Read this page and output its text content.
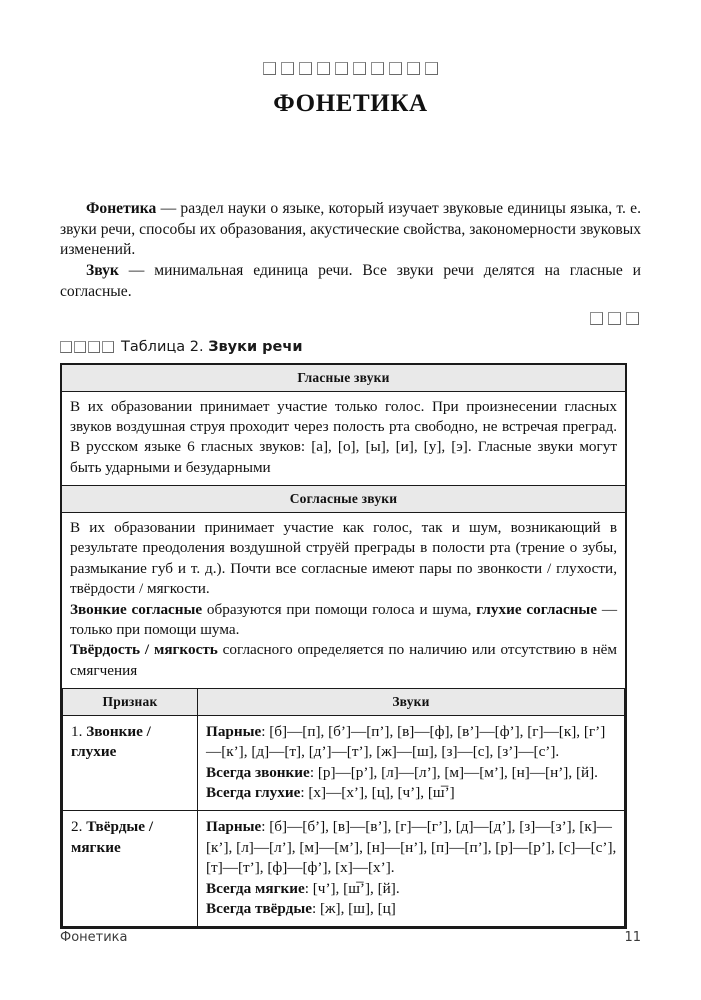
ФОНЕТИКА

Фонетика — раздел науки о языке, который изучает звуковые единицы языка, т. е. звуки речи, способы их образования, акустические свойства, закономерности звуковых изменений.

Звук — минимальная единица речи. Все звуки речи делятся на гласные и согласные.

Таблица 2. Звуки речи
Гласные звуки

В их образовании принимает участие только голос. При произнесении гласных звуков воздушная струя проходит через полость рта свободно, не встречая преград. В русском языке 6 гласных звуков: [а], [о], [ы], [и], [у], [э]. Гласные звуки могут быть ударными и безударными

Согласные звуки

В их образовании принимает участие как голос, так и шум, возникающий в результате преодоления воздушной струёй преграды в полости рта (трение о зубы, размыкание губ и т. д.). Почти все согласные имеют пары по звонкости / глухости, твёрдости / мягкости.

Звонкие согласные образуются при помощи голоса и шума, глухие согласные — только при помощи шума.

Твёрдость / мягкость согласного определяется по наличию или отсутствию в нём смягчения

Признак	Звуки
1. Звонкие / глухие	Парные: [б]—[п], [б’]—[п’], [в]—[ф], [в’]—[ф’], [г]—[к], [г’]—[к’], [д]—[т], [д’]—[т’], [ж]—[ш], [з]—[с], [з’]—[с’].

Всегда звонкие: [р]—[р’], [л]—[л’], [м]—[м’], [н]—[н’], [й].

Всегда глухие: [х]—[х’], [ц], [ч’], [ш̅’]

2. Твёрдые / мягкие	Парные: [б]—[б’], [в]—[в’], [г]—[г’], [д]—[д’], [з]—[з’], [к]—[к’], [л]—[л’], [м]—[м’], [н]—[н’], [п]—[п’], [р]—[р’], [с]—[с’], [т]—[т’], [ф]—[ф’], [х]—[х’].

Всегда мягкие: [ч’], [ш̅’], [й].

Всегда твёрдые: [ж], [ш], [ц]

Фонетика	11
